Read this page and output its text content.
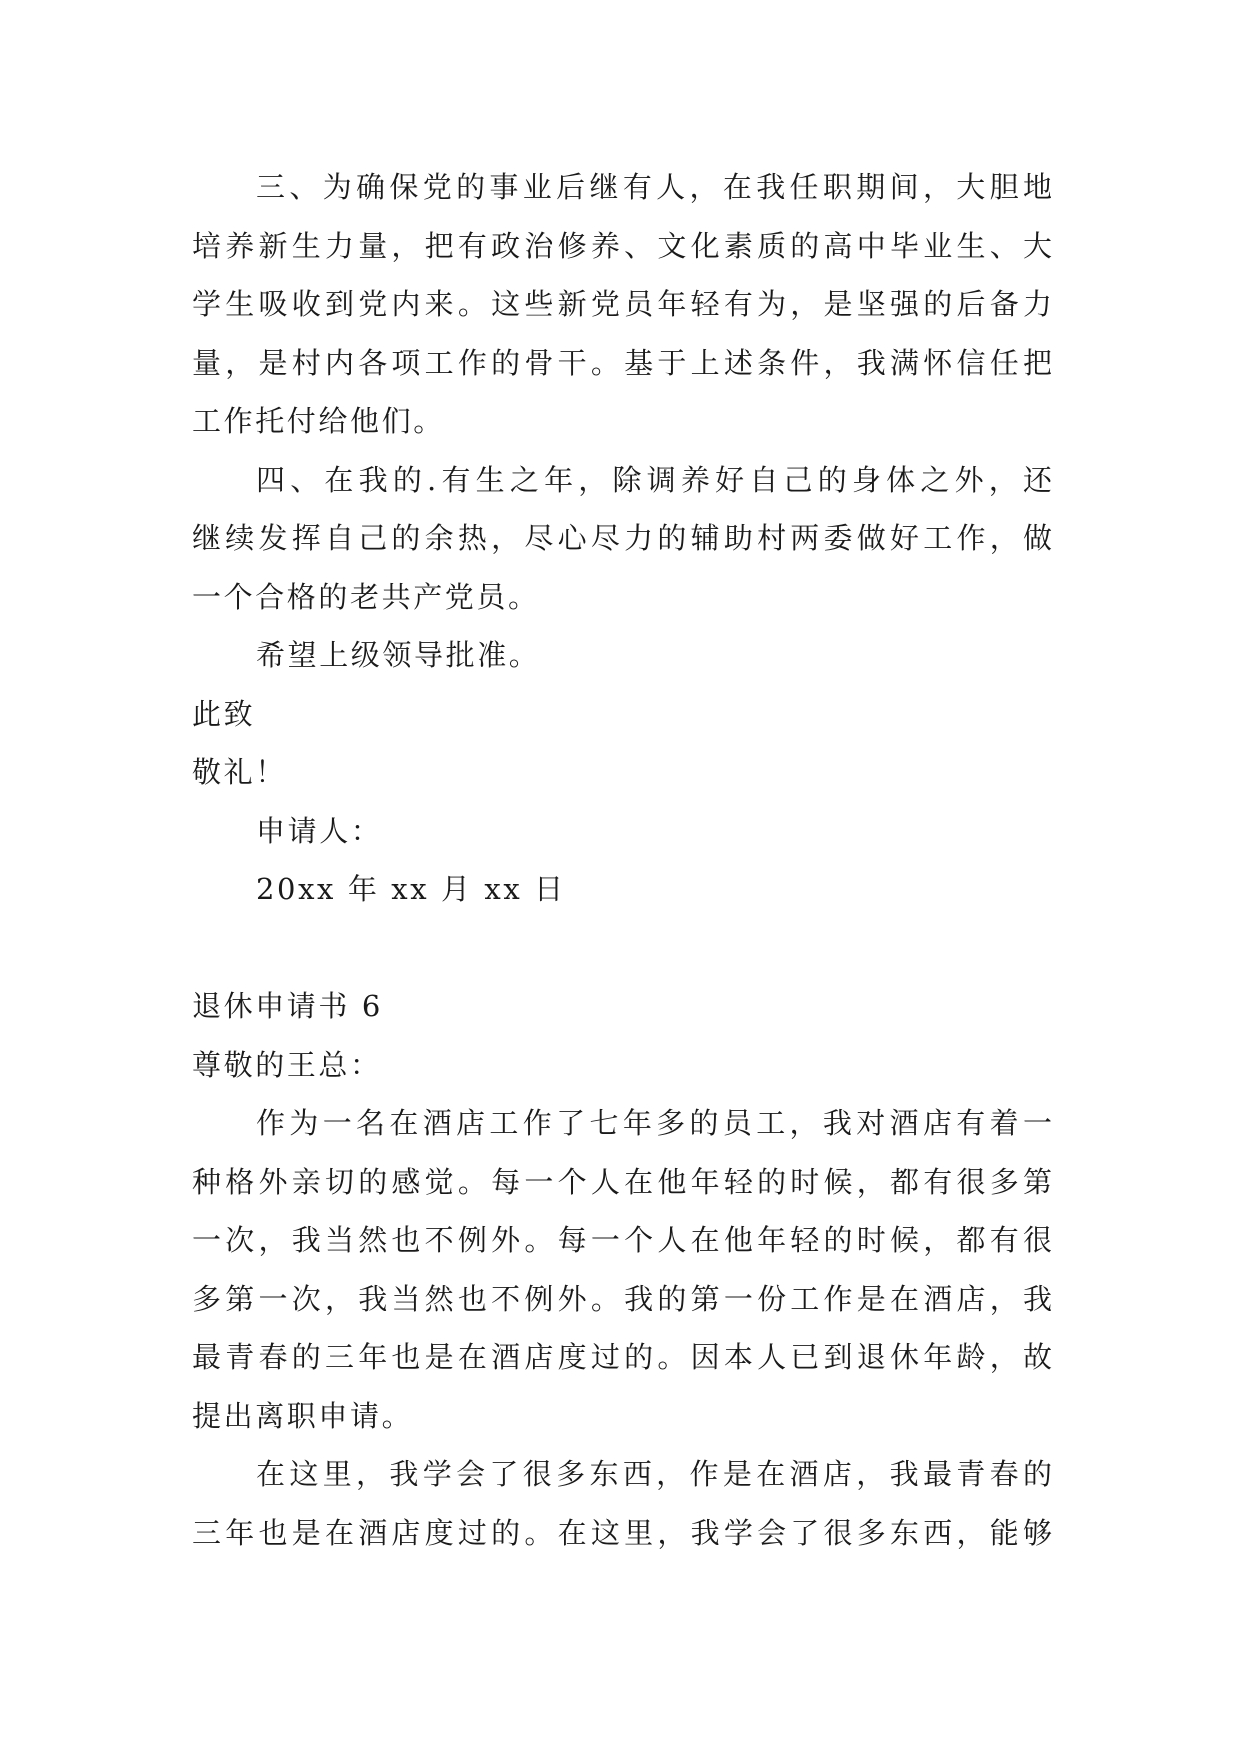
三、为确保党的事业后继有人，在我任职期间，大胆地
培养新生力量，把有政治修养、文化素质的高中毕业生、大
学生吸收到党内来。这些新党员年轻有为，是坚强的后备力
量，是村内各项工作的骨干。基于上述条件，我满怀信任把
工作托付给他们。
四、在我的.有生之年，除调养好自己的身体之外，还
继续发挥自己的余热，尽心尽力的辅助村两委做好工作，做
一个合格的老共产党员。
希望上级领导批准。
此致
敬礼！
申请人：
20xx 年 xx 月 xx 日
退休申请书 6
尊敬的王总：
作为一名在酒店工作了七年多的员工，我对酒店有着一
种格外亲切的感觉。每一个人在他年轻的时候，都有很多第
一次，我当然也不例外。每一个人在他年轻的时候，都有很
多第一次，我当然也不例外。我的第一份工作是在酒店，我
最青春的三年也是在酒店度过的。因本人已到退休年龄，故
提出离职申请。
在这里，我学会了很多东西，作是在酒店，我最青春的
三年也是在酒店度过的。在这里，我学会了很多东西，能够
